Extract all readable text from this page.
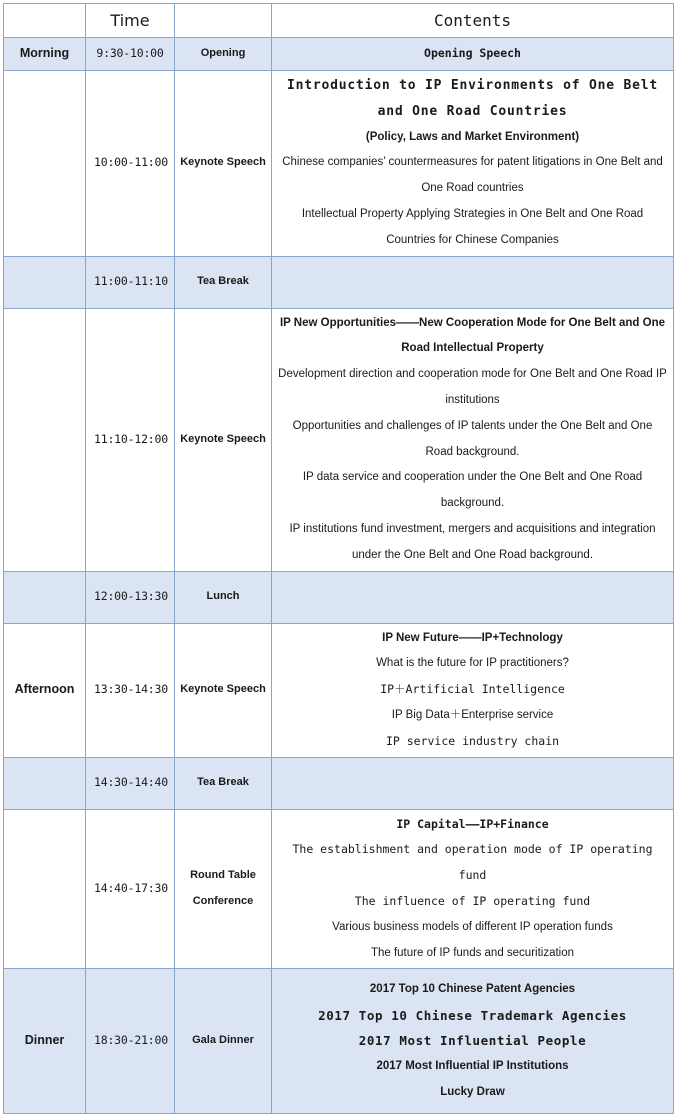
	Time		Contents
Morning	9:30-10:00	Opening	Opening Speech

	10:00-11:00	Keynote Speech	Introduction to IP Environments of One Belt and One Road Countries
(Policy, Laws and Market Environment)
Chinese companies’ countermeasures for patent litigations in One Belt and One Road countries
Intellectual Property Applying Strategies in One Belt and One Road Countries for Chinese Companies

	11:00-11:10	Tea Break	
	11:10-12:00	Keynote Speech	IP New Opportunities——New Cooperation Mode for One Belt and One Road Intellectual Property
Development direction and cooperation mode for One Belt and One Road IP institutions
Opportunities and challenges of IP talents under the One Belt and One Road background.
IP data service and cooperation under the One Belt and One Road background.
IP institutions fund investment, mergers and acquisitions and integration under the One Belt and One Road background.

	12:00-13:30	Lunch	
Afternoon	13:30-14:30	Keynote Speech	IP New Future——IP+Technology
What is the future for IP practitioners?
IP＋Artificial Intelligence
IP Big Data＋Enterprise service
IP service industry chain

	14:30-14:40	Tea Break	
	14:40-17:30	Round Table Conference	IP Capital——IP+Finance
The establishment and operation mode of IP operating fund
The influence of IP operating fund
Various business models of different IP operation funds
The future of IP funds and securitization

Dinner	18:30-21:00	Gala Dinner	2017 Top 10 Chinese Patent Agencies
2017 Top 10 Chinese Trademark Agencies
2017 Most Influential People
2017 Most Influential IP Institutions
Lucky Draw
